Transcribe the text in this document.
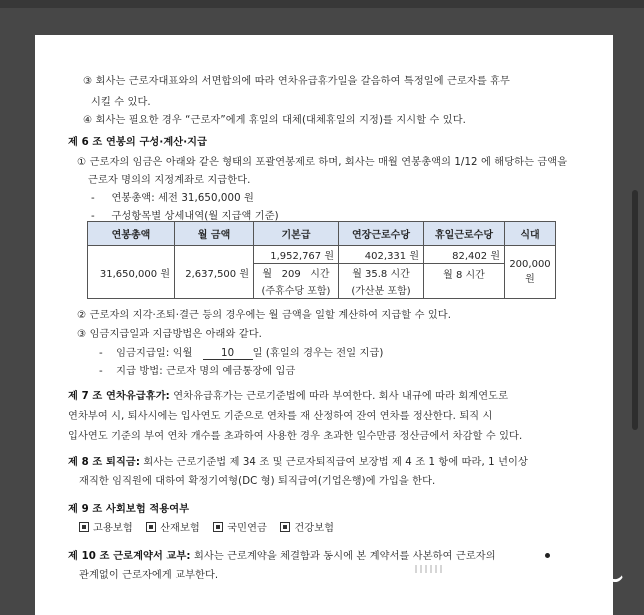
③ 회사는 근로자대표와의 서면합의에 따라 연차유급휴가일을 갈음하여 특정일에 근로자를 휴무
시킬 수 있다.
④ 회사는 필요한 경우 “근로자”에게 휴일의 대체(대체휴일의 지정)를 지시할 수 있다.
제 6 조 연봉의 구성·계산·지급
① 근로자의 임금은 아래와 같은 형태의 포괄연봉제로 하며, 회사는 매월 연봉총액의 1/12 에 해당하는 금액을
근로자 명의의 지정계좌로 지급한다.
-     연봉총액: 세전 31,650,000 원
-     구성항목별 상세내역(월 지급액 기준)
연봉총액	월 금액	기본급	연장근로수당	휴일근로수당	식대
31,650,000 원	2,637,500 원	1,952,767 원	402,331 원	82,402 원	200,000 원
		월   209   시간	월 35.8 시간	월 8 시간	
		(주휴수당 포함)	(가산분 포함)		
② 근로자의 지각·조퇴·결근 등의 경우에는 월 금액을 일할 계산하여 지급할 수 있다.
③ 임금지급일과 지급방법은 아래와 같다.
-    임금지급일: 익월	10 일 (휴일의 경우는 전일 지급)
-    지급 방법: 근로자 명의 예금통장에 입금
제 7 조 연차유급휴가: 연차유급휴가는 근로기준법에 따라 부여한다. 회사 내규에 따라 회계연도로
연차부여 시, 퇴사시에는 입사연도 기준으로 연차를 재 산정하여 잔여 연차를 정산한다. 퇴직 시
입사연도 기준의 부여 연차 개수를 초과하여 사용한 경우 초과한 일수만큼 정산금에서 차감할 수 있다.
제 8 조 퇴직금: 회사는 근로기준법 제 34 조 및 근로자퇴직급여 보장법 제 4 조 1 항에 따라, 1 년이상
재직한 임직원에 대하여 확정기여형(DC 형) 퇴직급여(기업은행)에 가입을 한다.
제 9 조 사회보험 적용여부
고용보험	산재보험	국민연금	건강보험
제 10 조 근로계약서 교부: 회사는 근로계약을 체결함과 동시에 본 계약서를 사본하여 근로자의
관계없이 근로자에게 교부한다.	~
